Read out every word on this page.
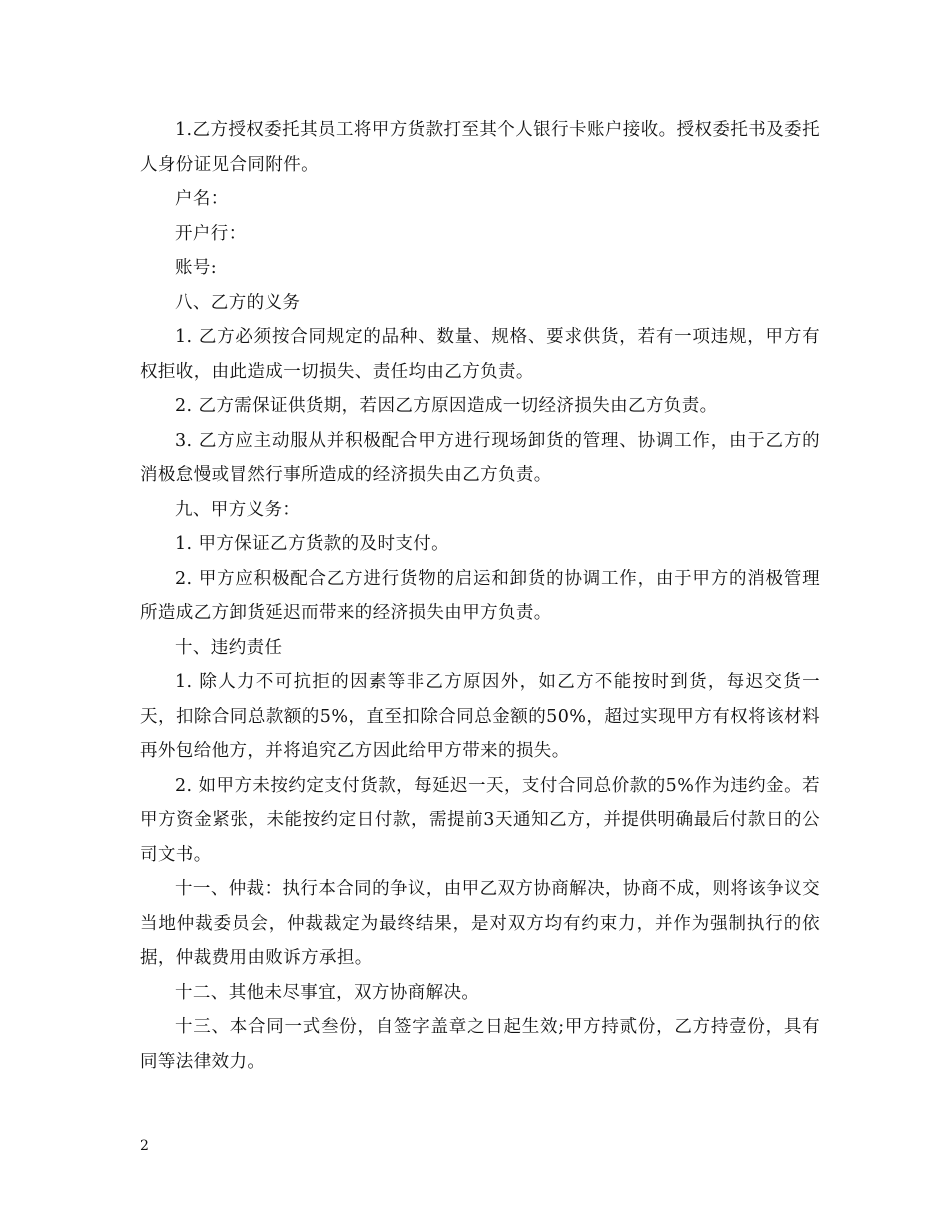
1.乙方授权委托其员工将甲方货款打至其个人银行卡账户接收。授权委托书及委托人身份证见合同附件。

户名：

开户行：

账号:

八、乙方的义务

1. 乙方必须按合同规定的品种、数量、规格、要求供货，若有一项违规，甲方有权拒收，由此造成一切损失、责任均由乙方负责。

2. 乙方需保证供货期，若因乙方原因造成一切经济损失由乙方负责。

3. 乙方应主动服从并积极配合甲方进行现场卸货的管理、协调工作，由于乙方的消极怠慢或冒然行事所造成的经济损失由乙方负责。

九、甲方义务：

1. 甲方保证乙方货款的及时支付。

2. 甲方应积极配合乙方进行货物的启运和卸货的协调工作，由于甲方的消极管理所造成乙方卸货延迟而带来的经济损失由甲方负责。

十、违约责任

1. 除人力不可抗拒的因素等非乙方原因外，如乙方不能按时到货，每迟交货一天，扣除合同总款额的5%，直至扣除合同总金额的50%，超过实现甲方有权将该材料再外包给他方，并将追究乙方因此给甲方带来的损失。

2. 如甲方未按约定支付货款，每延迟一天，支付合同总价款的5%作为违约金。若甲方资金紧张，未能按约定日付款，需提前3天通知乙方，并提供明确最后付款日的公司文书。

十一、仲裁：执行本合同的争议，由甲乙双方协商解决，协商不成，则将该争议交当地仲裁委员会，仲裁裁定为最终结果，是对双方均有约束力，并作为强制执行的依据，仲裁费用由败诉方承担。

十二、其他未尽事宜，双方协商解决。

十三、本合同一式叁份，自签字盖章之日起生效;甲方持贰份，乙方持壹份，具有同等法律效力。

2
